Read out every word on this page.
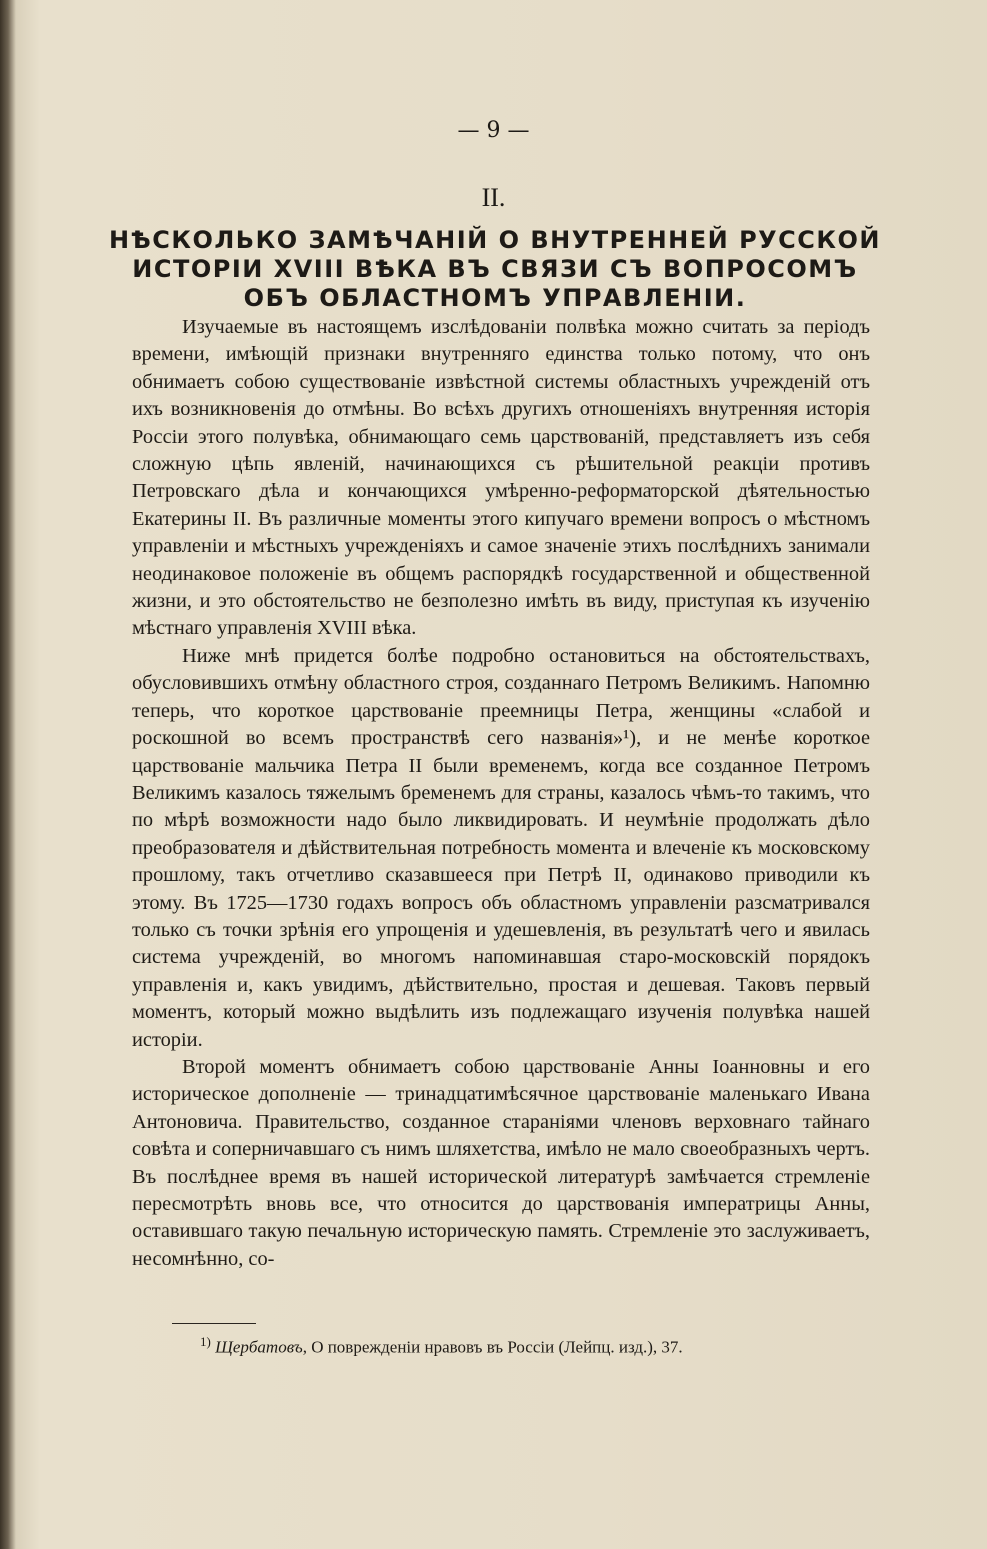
— 9 —
II.
НѢСКОЛЬКО ЗАМѢЧАНІЙ О ВНУТРЕННЕЙ РУССКОЙ ИСТОРІИ XVIII ВѢКА ВЪ СВЯЗИ СЪ ВОПРОСОМЪ ОБЪ ОБЛАСТНОМЪ УПРАВЛЕНІИ.

Изучаемые въ настоящемъ изслѣдованіи полвѣка можно считать за періодъ времени, имѣющій признаки внутренняго единства только потому, что онъ обнимаетъ собою существованіе извѣстной системы областныхъ учрежденій отъ ихъ возникновенія до отмѣны. Во всѣхъ другихъ отношеніяхъ внутренняя исторія Россіи этого полувѣка, обнимающаго семь царствованій, представляетъ изъ себя сложную цѣпь явленій, начинающихся съ рѣшительной реакціи противъ Петровскаго дѣла и кончающихся умѣренно-реформаторской дѣятельностью Екатерины II. Въ различные моменты этого кипучаго времени вопросъ о мѣстномъ управленіи и мѣстныхъ учрежденіяхъ и самое значеніе этихъ послѣднихъ занимали неодинаковое положеніе въ общемъ распорядкѣ государственной и общественной жизни, и это обстоятельство не безполезно имѣть въ виду, приступая къ изученію мѣстнаго управленія XVIII вѣка.

Ниже мнѣ придется болѣе подробно остановиться на обстоятельствахъ, обусловившихъ отмѣну областного строя, созданнаго Петромъ Великимъ. Напомню теперь, что короткое царствованіе преемницы Петра, женщины «слабой и роскошной во всемъ пространствѣ сего названія»¹), и не менѣе короткое царствованіе мальчика Петра II были временемъ, когда все созданное Петромъ Великимъ казалось тяжелымъ бременемъ для страны, казалось чѣмъ-то такимъ, что по мѣрѣ возможности надо было ликвидировать. И неумѣніе продолжать дѣло преобразователя и дѣйствительная потребность момента и влеченіе къ московскому прошлому, такъ отчетливо сказавшееся при Петрѣ II, одинаково приводили къ этому. Въ 1725—1730 годахъ вопросъ объ областномъ управленіи разсматривался только съ точки зрѣнія его упрощенія и удешевленія, въ результатѣ чего и явилась система учрежденій, во многомъ напоминавшая старо-московскій порядокъ управленія и, какъ увидимъ, дѣйствительно, простая и дешевая. Таковъ первый моментъ, который можно выдѣлить изъ подлежащаго изученія полувѣка нашей исторіи.

Второй моментъ обнимаетъ собою царствованіе Анны Іоанновны и его историческое дополненіе — тринадцатимѣсячное царствованіе маленькаго Ивана Антоновича. Правительство, созданное стараніями членовъ верховнаго тайнаго совѣта и соперничавшаго съ нимъ шляхетства, имѣло не мало своеобразныхъ чертъ. Въ послѣднее время въ нашей исторической литературѣ замѣчается стремленіе пересмотрѣть вновь все, что относится до царствованія императрицы Анны, оставившаго такую печальную историческую память. Стремленіе это заслуживаетъ, несомнѣнно, со-

$^{1)}$ Щербатовъ, О поврежденіи нравовъ въ Россіи (Лейпц. изд.), 37.
